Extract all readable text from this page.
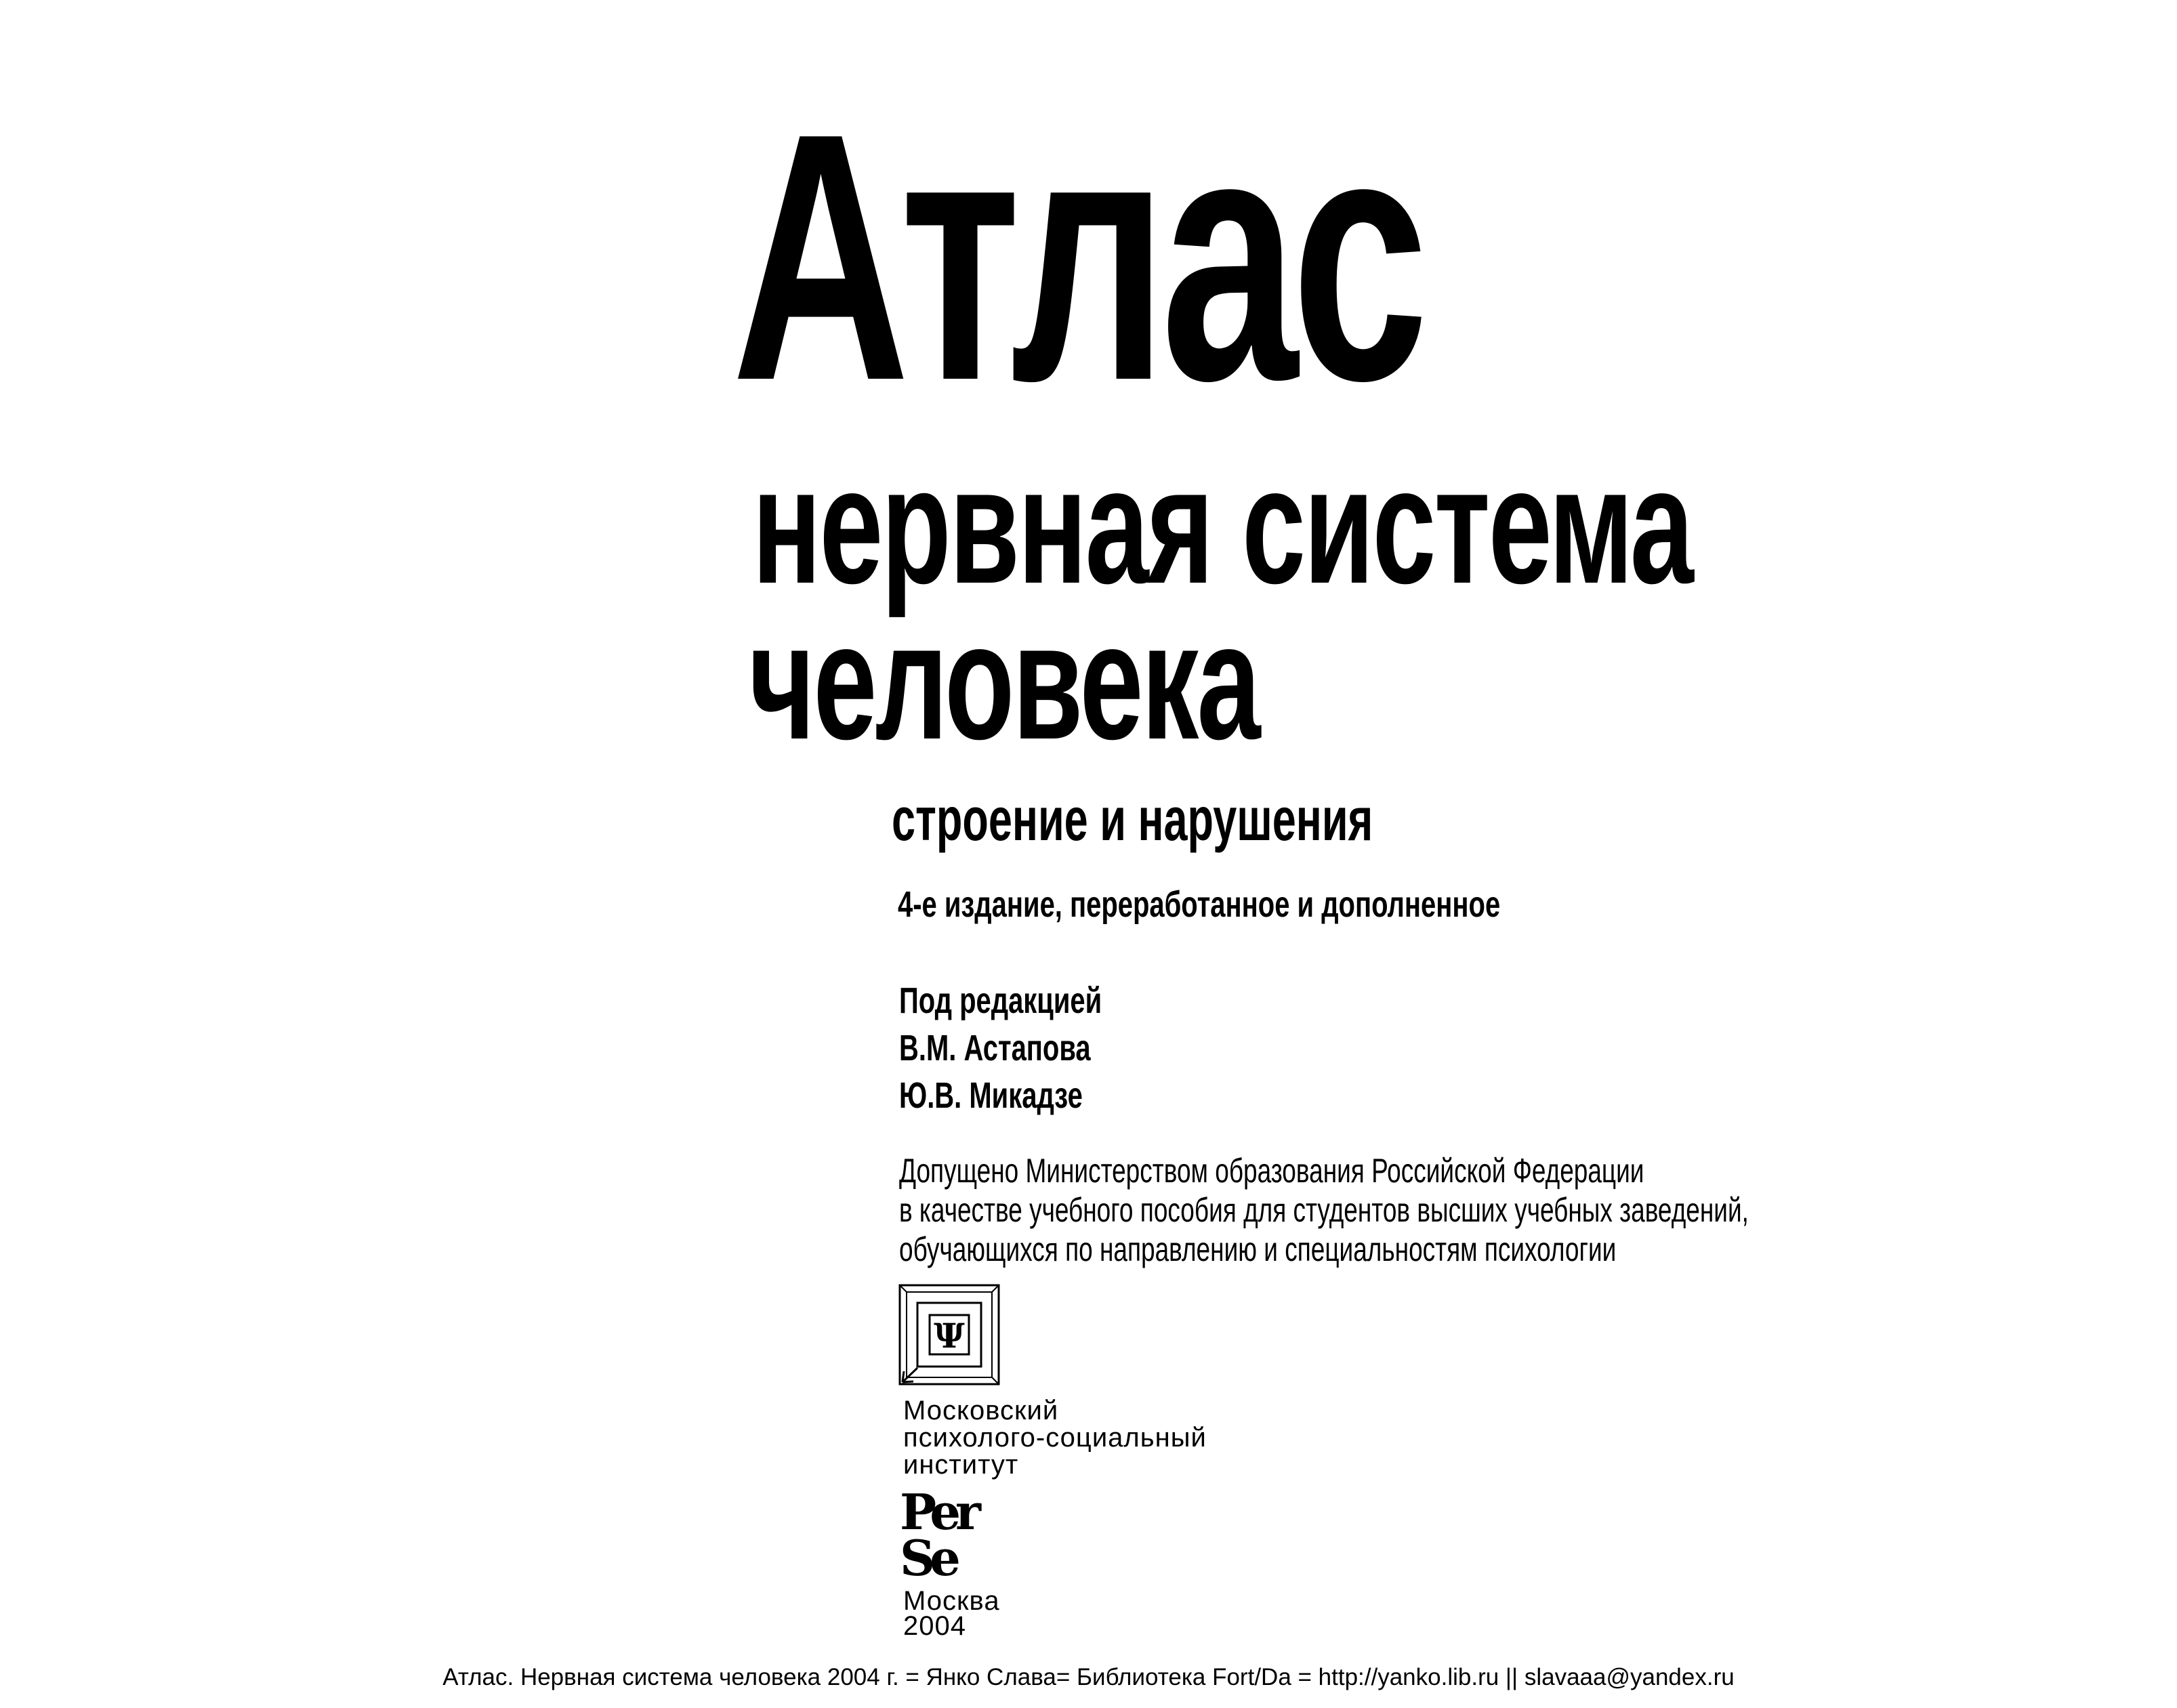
Атлас
нервная система
человека
строение и нарушения
4-е издание, переработанное и дополненное
Под редакцией
В.М. Астапова
Ю.В. Микадзе
Допущено Министерством образования Российской Федерации
в качестве учебного пособия для студентов высших учебных заведений,
обучающихся по направлению и специальностям психологии
Ψ
Московский
психолого-социальный
институт
Per
Se
Москва
2004
Атлас. Нервная система человека 2004 г. = Янко Слава= Библиотека Fort/Da = http://yanko.lib.ru || slavaaa@yandex.ru
